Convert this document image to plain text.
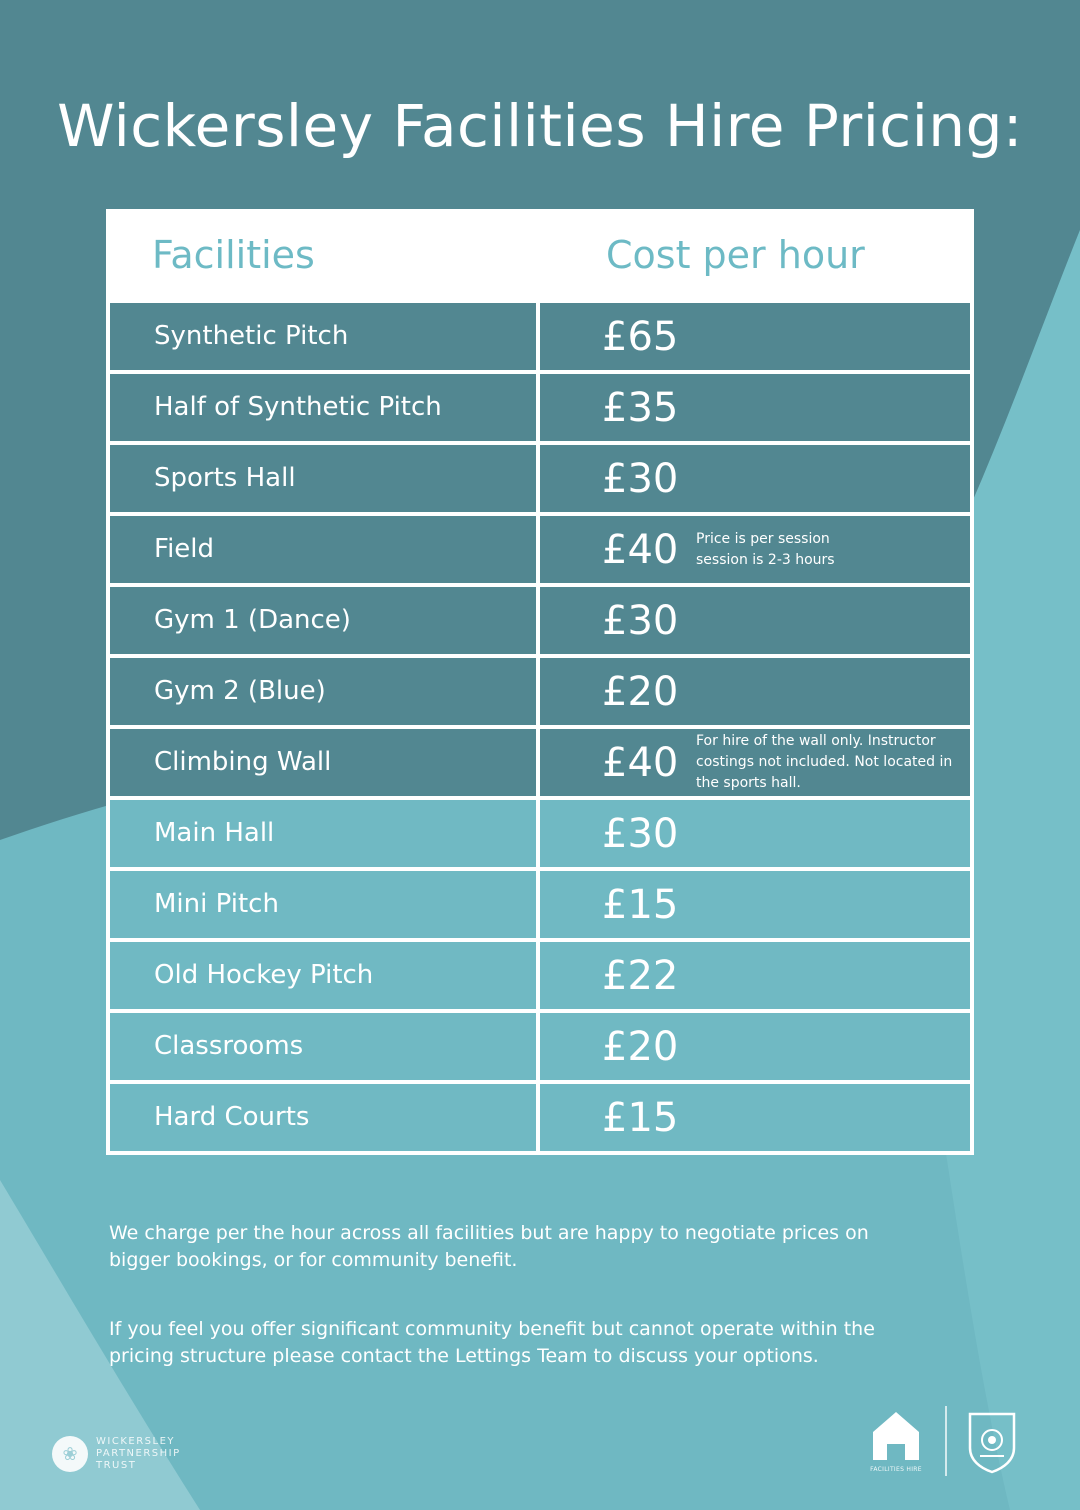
Wickersley Facilities Hire Pricing:
Facilities	Cost per hour
Synthetic Pitch	£65
Half of Synthetic Pitch	£35
Sports Hall	£30
Field	£40	Price is per session
session is 2-3 hours
Gym 1 (Dance)	£30
Gym 2 (Blue)	£20
Climbing Wall	£40	For hire of the wall only. Instructor costings not included. Not located in the sports hall.
Main Hall	£30
Mini Pitch	£15
Old Hockey Pitch	£22
Classrooms	£20
Hard Courts	£15

We charge per the hour across all facilities but are happy to negotiate prices on bigger bookings, or for community benefit.

If you feel you offer significant community benefit but cannot operate within the pricing structure please contact the Lettings Team to discuss your options.

❀
WICKERSLEY
PARTNERSHIP
TRUST	FACILITIES HIRE
